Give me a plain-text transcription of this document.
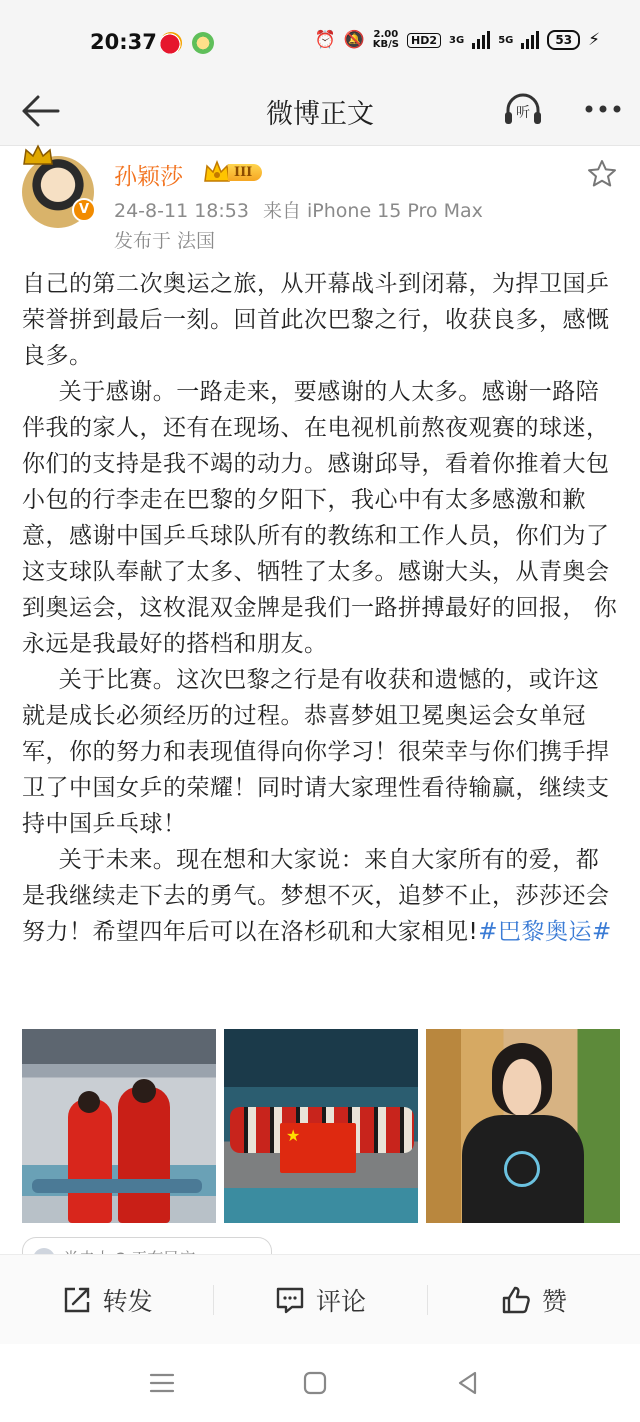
20:37	⏰ 🔕 2.00
KB/S	HD2	3G	5G	53 ⚡
微博正文	听
V
孙颖莎	III
24-8-11 18:53 来自 iPhone 15 Pro Max
发布于 法国

自己的第二次奥运之旅，从开幕战斗到闭幕，为捍卫国乒荣誉拼到最后一刻。回首此次巴黎之行，收获良多，感慨良多。

关于感谢。一路走来，要感谢的人太多。感谢一路陪伴我的家人，还有在现场、在电视机前熬夜观赛的球迷，你们的支持是我不竭的动力。感谢邱导，看着你推着大包小包的行李走在巴黎的夕阳下，我心中有太多感激和歉意，感谢中国乒乓球队所有的教练和工作人员，你们为了这支球队奉献了太多、牺牲了太多。感谢大头，从青奥会到奥运会，这枚混双金牌是我们一路拼搏最好的回报， 你永远是我最好的搭档和朋友。

关于比赛。这次巴黎之行是有收获和遗憾的，或许这就是成长必须经历的过程。恭喜梦姐卫冕奥运会女单冠军，你的努力和表现值得向你学习！很荣幸与你们携手捍卫了中国女乒的荣耀！同时请大家理性看待输赢，继续支持中国乒乓球！

关于未来。现在想和大家说：来自大家所有的爱，都是我继续走下去的勇气。梦想不灭，追梦不止，莎莎还会努力！希望四年后可以在洛杉矶和大家相见!#巴黎奥运#

★
转发	评论	赞
